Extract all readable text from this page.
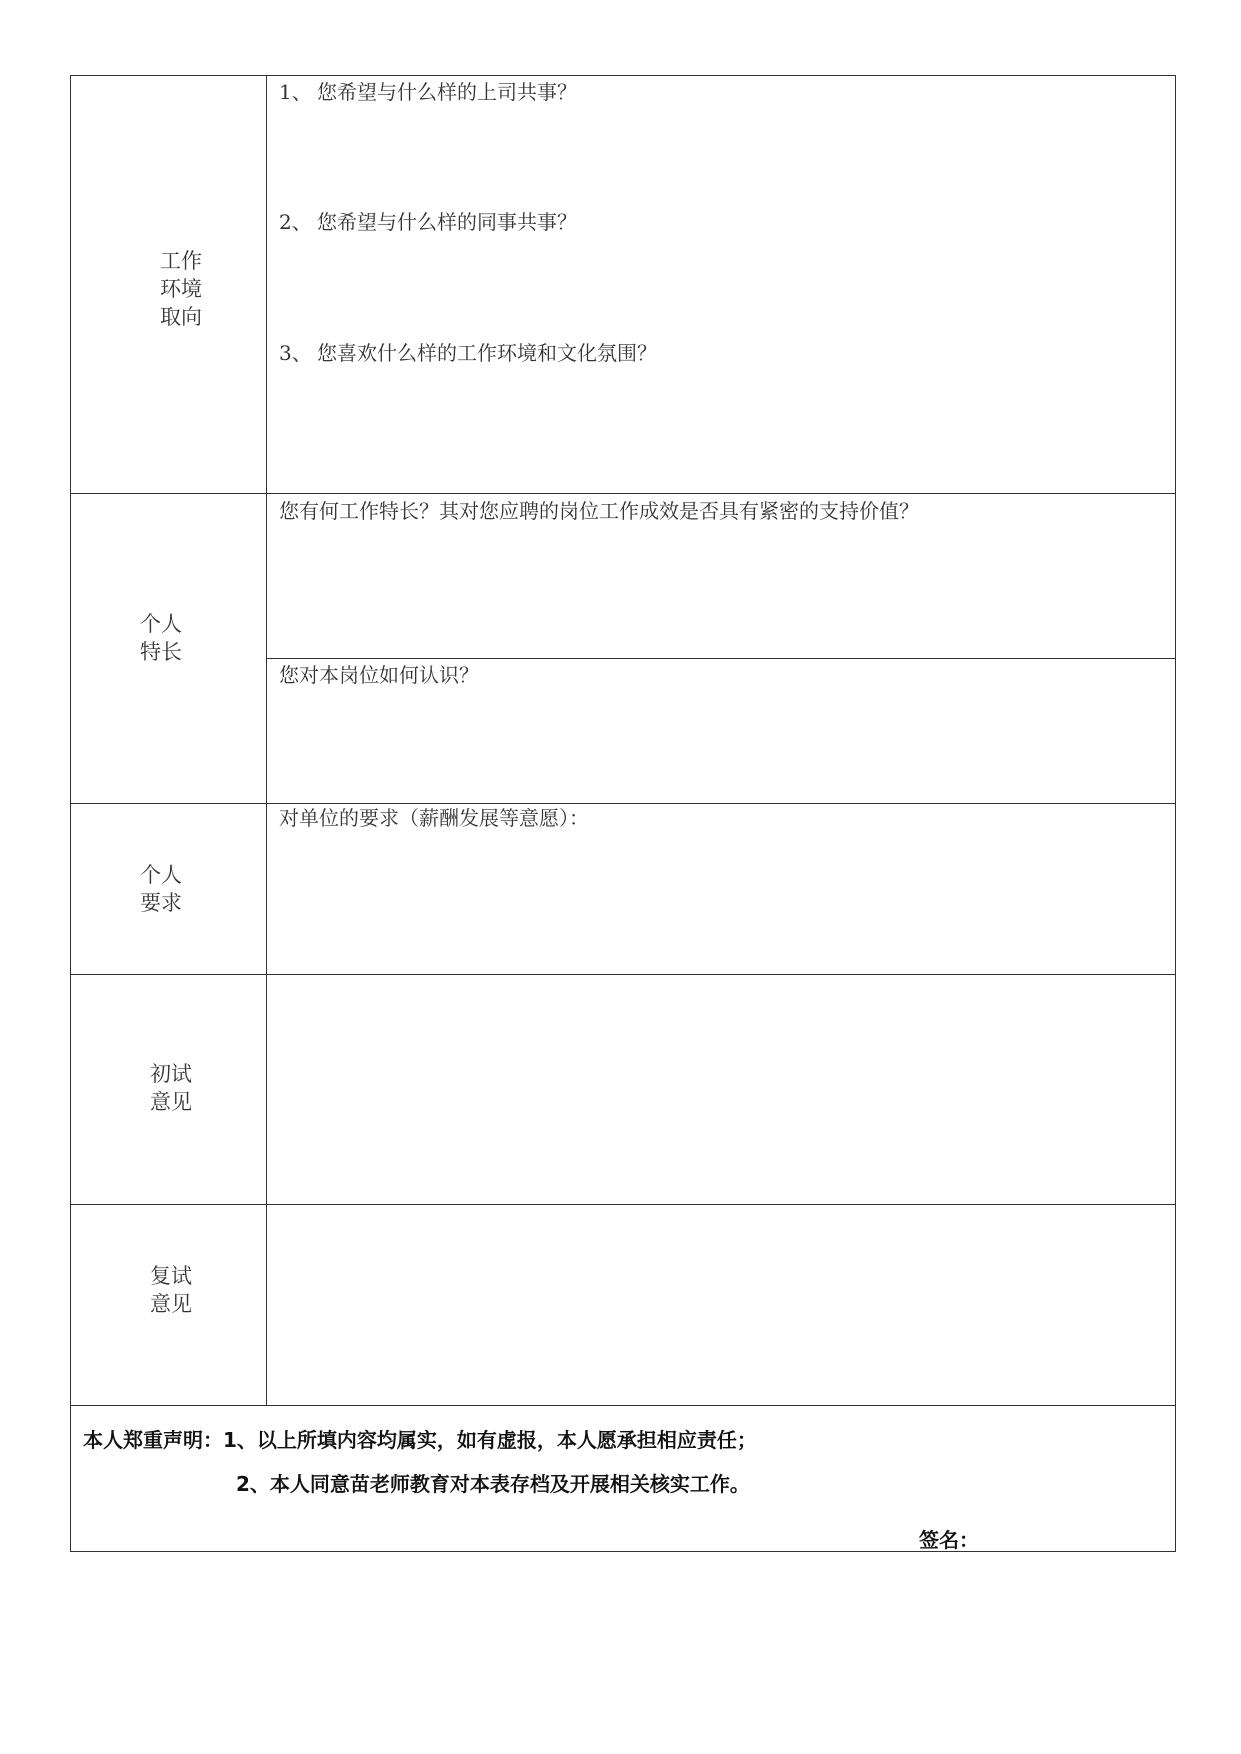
工作
环境
取向
1、 您希望与什么样的上司共事？
2、 您希望与什么样的同事共事？
3、 您喜欢什么样的工作环境和文化氛围？
个人
特长
您有何工作特长？其对您应聘的岗位工作成效是否具有紧密的支持价值？
您对本岗位如何认识？
个人
要求
对单位的要求（薪酬发展等意愿）：
初试
意见
复试
意见
本人郑重声明：1、以上所填内容均属实，如有虚报，本人愿承担相应责任；
2、本人同意苗老师教育对本表存档及开展相关核实工作。
签名：
